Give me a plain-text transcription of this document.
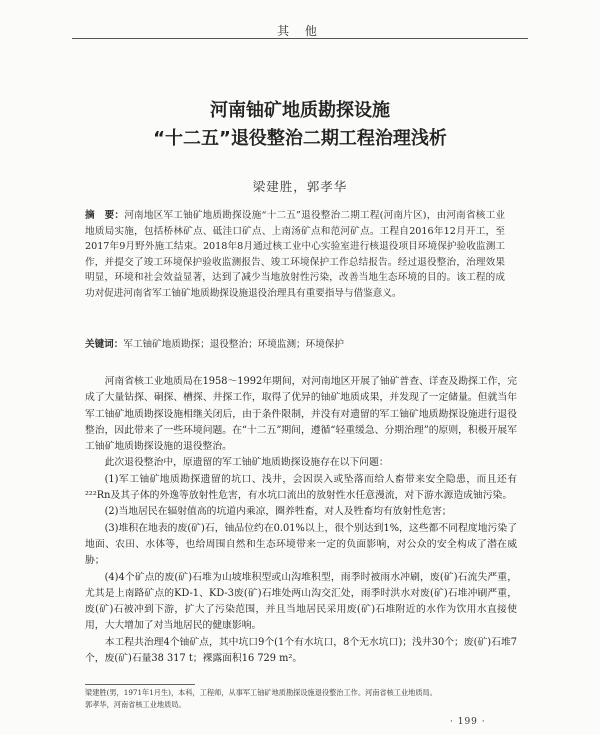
其 他
河南铀矿地质勘探设施
“十二五”退役整治二期工程治理浅析
梁建胜，郭孝华
摘　要：河南地区军工铀矿地质勘探设施“十二五”退役整治二期工程(河南片区)，由河南省核工业地质局实施，包括桥林矿点、砥洼口矿点、上南汤矿点和范河矿点。工程自2016年12月开工，至2017年9月野外施工结束。2018年8月通过核工业中心实验室进行核退役项目环境保护验收监测工作，并提交了竣工环境保护验收监测报告、竣工环境保护工作总结报告。经过退役整治，治理效果明显，环境和社会效益显著，达到了减少当地放射性污染，改善当地生态环境的目的。该工程的成功对促进河南省军工铀矿地质勘探设施退役治理具有重要指导与借鉴意义。
关键词：军工铀矿地质勘探；退役整治；环境监测；环境保护

河南省核工业地质局在1958～1992年期间，对河南地区开展了铀矿普查、详查及勘探工作，完成了大量钻探、硐探、槽探、井探工作，取得了优异的铀矿地质成果，并发现了一定储量。但就当年军工铀矿地质勘探设施相继关闭后，由于条件限制，并没有对遗留的军工铀矿地质勘探设施进行退役整治，因此带来了一些环境问题。在“十二五”期间，遵循“轻重缓急、分期治理”的原则，积极开展军工铀矿地质勘探设施的退役整治。

此次退役整治中，原遗留的军工铀矿地质勘探设施存在以下问题：

(1)军工铀矿地质勘探遗留的坑口、浅井，会因误入或坠落而给人畜带来安全隐患，而且还有²²²Rn及其子体的外逸等放射性危害，有水坑口流出的放射性水任意漫流，对下游水源造成铀污染。

(2)当地居民在辐射值高的坑道内乘凉，圈养牲畜，对人及牲畜均有放射性危害；

(3)堆积在地表的废(矿)石，铀品位约在0.01%以上，很个别达到1%，这些都不同程度地污染了地面、农田、水体等，也给周围自然和生态环境带来一定的负面影响，对公众的安全构成了潜在威胁；

(4)4个矿点的废(矿)石堆为山坡堆积型或山沟堆积型，雨季时被雨水冲刷，废(矿)石流失严重，尤其是上南路矿点的KD-1、KD-3废(矿)石堆处两山沟交汇处，雨季时洪水对废(矿)石堆冲刷严重，废(矿)石被冲到下游，扩大了污染范围，并且当地居民采用废(矿)石堆附近的水作为饮用水直接使用，大大增加了对当地居民的健康影响。

本工程共治理4个铀矿点，其中坑口9个(1个有水坑口，8个无水坑口)；浅井30个；废(矿)石堆7个，废(矿)石量38 317 t；裸露面积16 729 m²。

梁建胜(男，1971年1月生)，本科，工程师，从事军工铀矿地质勘探设施退役整治工作。河南省核工业地质局。
郭孝华，河南省核工业地质局。
· 199 ·
